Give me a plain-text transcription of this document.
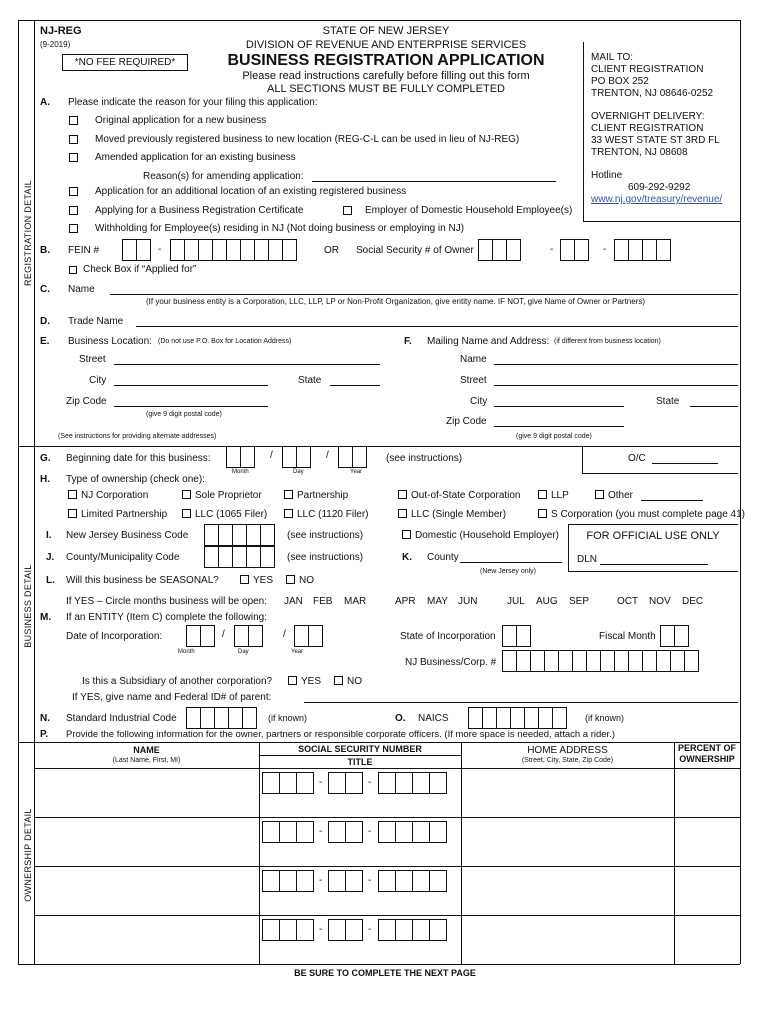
REGISTRATION DETAIL
BUSINESS DETAIL
OWNERSHIP DETAIL
NJ-REG
(9-2019)
*NO FEE REQUIRED*
STATE OF NEW JERSEY
DIVISION OF REVENUE AND ENTERPRISE SERVICES
BUSINESS REGISTRATION APPLICATION
Please read instructions carefully before filling out this form
ALL SECTIONS MUST BE FULLY COMPLETED
MAIL TO:
CLIENT REGISTRATION
PO BOX 252
TRENTON, NJ 08646-0252
OVERNIGHT DELIVERY:
CLIENT REGISTRATION
33 WEST STATE ST 3RD FL
TRENTON, NJ 08608
Hotline
609-292-9292
www.nj.gov/treasury/revenue/
A. Please indicate the reason for your filing this application:
Original application for a new business
Moved previously registered business to new location (REG-C-L can be used in lieu of NJ-REG)
Amended application for an existing business
Reason(s) for amending application:
Application for an additional location of an existing registered business
Applying for a Business Registration Certificate	Employer of Domestic Household Employee(s)
Withholding for Employee(s) residing in NJ (Not doing business or employing in NJ)
B. FEIN #	-	OR Social Security # of Owner	-	-
Check Box if “Applied for”
C. Name
(If your business entity is a Corporation, LLC, LLP, LP or Non-Profit Organization, give entity name. IF NOT, give Name of Owner or Partners)
D. Trade Name
E. Business Location: (Do not use P.O. Box for Location Address)
Street
City	State
Zip Code
(give 9 digit postal code)
(See instructions for providing alternate addresses)
F. Mailing Name and Address: (if different from business location)
Name
Street
City	State
Zip Code
(give 9 digit postal code)
G. Beginning date for this business:	/	/
Month	Day	Year
(see instructions)	O/C
H. Type of ownership (check one):
NJ Corporation	Sole Proprietor	Partnership	Out-of-State Corporation	LLP	Other
Limited Partnership	LLC (1065 Filer)	LLC (1120 Filer)	LLC (Single Member)	S Corporation (you must complete page 41)
I. New Jersey Business Code	(see instructions)	Domestic (Household Employer)	FOR OFFICIAL USE ONLY
DLN
J. County/Municipality Code	(see instructions)	K. County
(New Jersey only)
L. Will this business be SEASONAL?	YES	NO
If YES – Circle months business will be open: JAN FEB MAR	APR MAY JUN	JUL AUG SEP	OCT NOV DEC
M. If an ENTITY (Item C) complete the following:
Date of Incorporation:	/	/
Month	Day	Year
State of Incorporation	Fiscal Month
NJ Business/Corp. #
Is this a Subsidiary of another corporation?	YES	NO
If YES, give name and Federal ID# of parent:
N. Standard Industrial Code	(if known)	O. NAICS	(if known)
P. Provide the following information for the owner, partners or responsible corporate officers. (If more space is needed, attach a rider.)
NAME
(Last Name, First, MI)
SOCIAL SECURITY NUMBER
TITLE
HOME ADDRESS
(Street, City, State, Zip Code)
PERCENT OF OWNERSHIP
-	-
-	-
-	-
-	-
BE SURE TO COMPLETE THE NEXT PAGE
